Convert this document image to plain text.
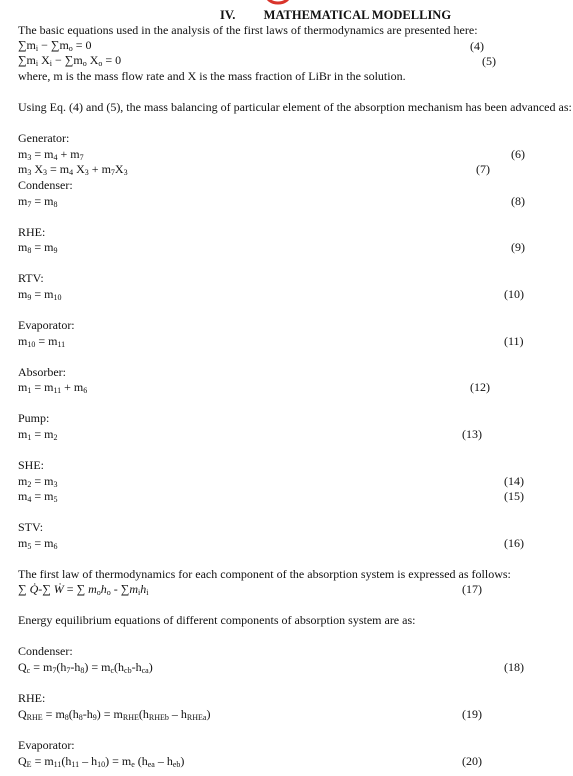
IV. MATHEMATICAL MODELLING
The basic equations used in the analysis of the first laws of thermodynamics are presented here:
$\sum m_i - \sum m_o = 0$	(4)
$\sum m_i$ $X_i - \sum m_o$ $X_o = 0$	(5)
where, m is the mass flow rate and X is the mass fraction of LiBr in the solution.
Using Eq. (4) and (5), the mass balancing of particular element of the absorption mechanism has been advanced as:
Generator:
$m_3 = m_4 + m_7$	(6)
$m_3$ $X_3 = m_4$ $X_3 + m_7X_3$	(7)
Condenser:
$m_7 = m_8$	(8)
RHE:
$m_8 = m_9$	(9)
RTV:
$m_9 = m_{10}$	(10)
Evaporator:
$m_{10} = m_{11}$	(11)
Absorber:
$m_1 = m_{11} + m_6$	(12)
Pump:
$m_1 = m_2$	(13)
SHE:
$m_2 = m_3$	(14)
$m_4 = m_5$	(15)
STV:
$m_5 = m_6$	(16)
The first law of thermodynamics for each component of the absorption system is expressed as follows:
∑ Q̇-∑ Ẇ = ∑ $m_oh_o - \sum m_ih_i$	(17)
Energy equilibrium equations of different components of absorption system are as:
Condenser:
$Q_c = m_7(h_7-h_8) = m_c(h_{cb}-h_{ca})$	(18)
RHE:
$Q_{RHE} = m_8(h_8-h_9) = m_{RHE}(h_{RHEb} - h_{RHEa})$	(19)
Evaporator:
$Q_E = m_{11}(h_{11} - h_{10}) = m_e$ $(h_{ea} - h_{eb})$	(20)
